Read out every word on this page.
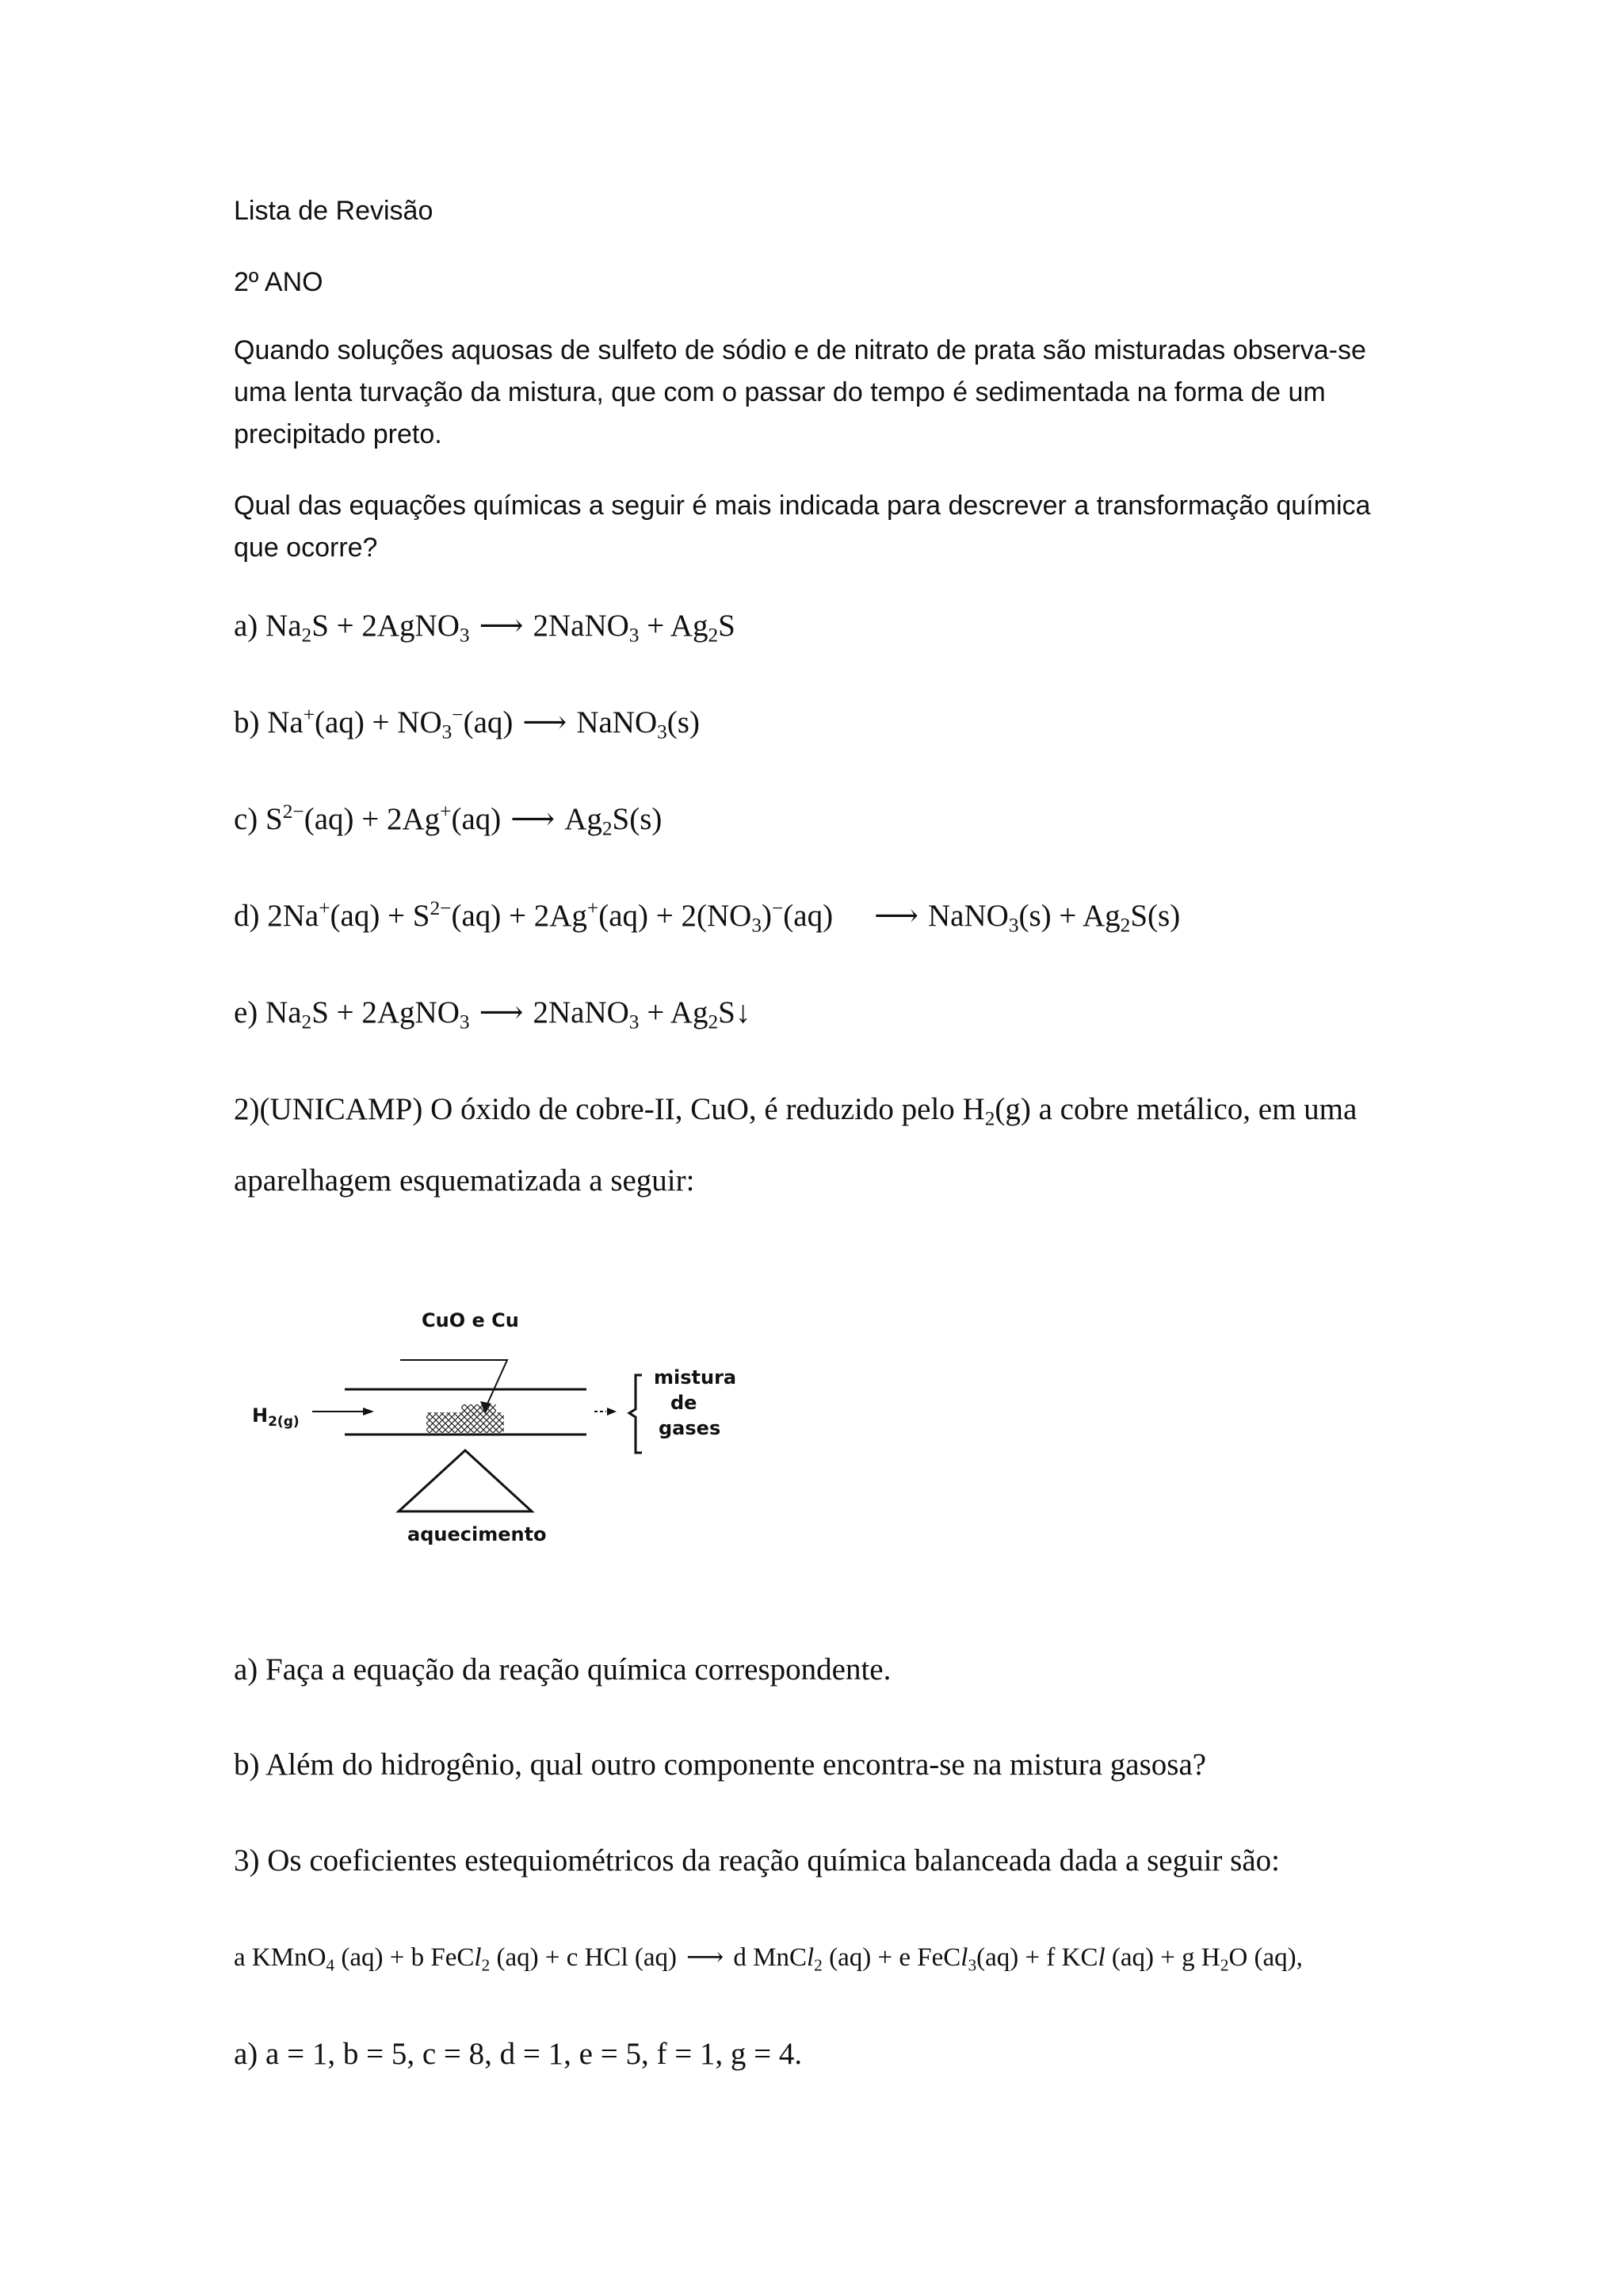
Lista de Revisão
2º ANO

Quando soluções aquosas de sulfeto de sódio e de nitrato de prata são misturadas observa-se uma lenta turvação da mistura, que com o passar do tempo é sedimentada na forma de um precipitado preto.

Qual das equações químicas a seguir é mais indicada para descrever a transformação química que ocorre?

a) $Na_2S$ + 2AgNO$_3$ ⟶ 2NaNO$_3$ + $Ag_2S$
b) $Na^+(aq) + NO_3^-(aq)$ ⟶ NaNO$_3$(s)
c) $S^{2-}(aq) + 2Ag^+(aq)$ ⟶ $Ag_2S(s)$
d) $2Na^+(aq) + S^{2-}(aq) + 2Ag^+(aq) + 2(NO_3)^-(aq)$ ⟶ NaNO$_3$(s) + $Ag_2S(s)$
e) $Na_2S$ + 2AgNO$_3$ ⟶ 2NaNO$_3$ + $Ag_2S↓$
2)(UNICAMP) O óxido de cobre-II, CuO, é reduzido pelo $H_2(g)$ a cobre metálico, em uma
aparelhagem esquematizada a seguir:
CuO e Cu
$H_{2(g)}$
mistura
de
gases
aquecimento
a) Faça a equação da reação química correspondente.
b) Além do hidrogênio, qual outro componente encontra-se na mistura gasosa?
3) Os coeficientes estequiométricos da reação química balanceada dada a seguir são:
a KMnO$_4$ (aq) + b FeCl$_2$ (aq) + c HCl (aq) ⟶ d MnCl$_2$ (aq) + e FeCl$_3$(aq) + f KCl (aq) + g $H_2O$ (aq),
a) a = 1, b = 5, c = 8, d = 1, e = 5, f = 1, g = 4.
